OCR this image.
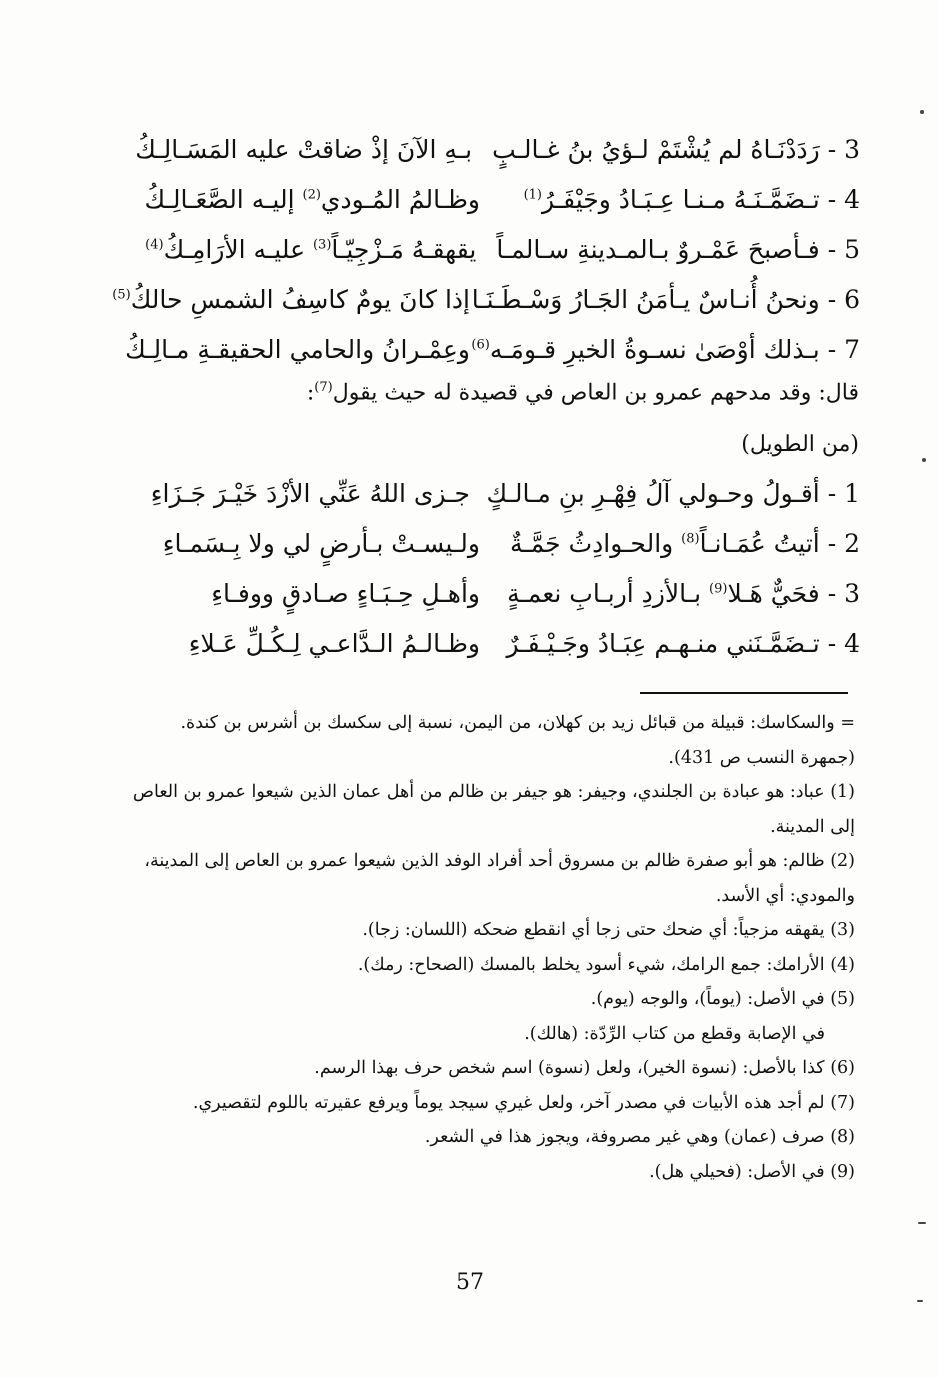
3 - رَدَدْنَـاهُ لم يُشْتَمْ لـؤيُ بنُ غـالـبٍ
بـهِ الآنَ إذْ ضاقتْ عليه المَسَـالِـكُ
4 - تـضَمَّـنَـهُ مـنـا عِـبَـادُ وجَيْفَـرُ$^{(1)}$
وظـالمُ المُـودي$^{(2)}$ إليـه الصَّعَـالِـكُ
5 - فـأصبحَ عَمْـروٌ بـالمـدينةِ سـالمـاً
يقهقـهُ مَـزْجِيّـاً$^{(3)}$ عليـه الأرَامِـكُ$^{(4)}$
6 - ونحنُ أُنـاسٌ يـأمَنُ الجَـارُ وَسْـطَـنَـا
إذا كانَ يومٌ كاسِفُ الشمسِ حالكُ$^{(5)}$
7 - بـذلك أوْصَىٰ نسـوةُ الخيرِ قـومَـه$^{(6)}$
وعِمْـرانُ والحامي الحقيقـةِ مـالِـكُ
قال: وقد مدحهم عمرو بن العاص في قصيدة له حيث يقول$^{(7)}$:
(من الطويل)
1 - أقـولُ وحـولي آلُ فِهْـرِ بنِ مـالـكٍ
جـزى اللهُ عَنِّي الأزْدَ خَيْـرَ جَـزَاءِ
2 - أتيتُ عُمَـانـاً$^{(8)}$ والحـوادِثُ جَمَّـةٌ
ولـيسـتْ بـأرضٍ لي ولا بِـسَمـاءِ
3 - فحَيٌّ هَـلا$^{(9)}$ بـالأزدِ أربـابِ نعمـةٍ
وأهـلِ حِـبَـاءٍ صـادقٍ ووفـاءِ
4 - تـضَمَّـنَني منـهـم عِبَـادُ وجَـيْـفَـرٌ
وظـالـمُ الـدَّاعـي لِـكُـلِّ عَـلاءِ

= والسكاسك: قبيلة من قبائل زيد بن كهلان، من اليمن، نسبة إلى سكسك بن أشرس بن كندة. (جمهرة النسب ص 431).

(1) عباد: هو عبادة بن الجلندي، وجيفر: هو جيفر بن ظالم من أهل عمان الذين شيعوا عمرو بن العاص إلى المدينة.

(2) ظالم: هو أبو صفرة ظالم بن مسروق أحد أفراد الوفد الذين شيعوا عمرو بن العاص إلى المدينة، والمودي: أي الأسد.

(3) يقهقه مزجياً: أي ضحك حتى زجا أي انقطع ضحكه (اللسان: زجا).

(4) الأرامك: جمع الرامك، شيء أسود يخلط بالمسك (الصحاح: رمك).

(5) في الأصل: (يوماً)، والوجه (يوم).

في الإصابة وقطع من كتاب الرِّدّة: (هالك).

(6) كذا بالأصل: (نسوة الخير)، ولعل (نسوة) اسم شخص حرف بهذا الرسم.

(7) لم أجد هذه الأبيات في مصدر آخر، ولعل غيري سيجد يوماً ويرفع عقيرته باللوم لتقصيري.

(8) صرف (عمان) وهي غير مصروفة، ويجوز هذا في الشعر.

(9) في الأصل: (فحيلي هل).

57
